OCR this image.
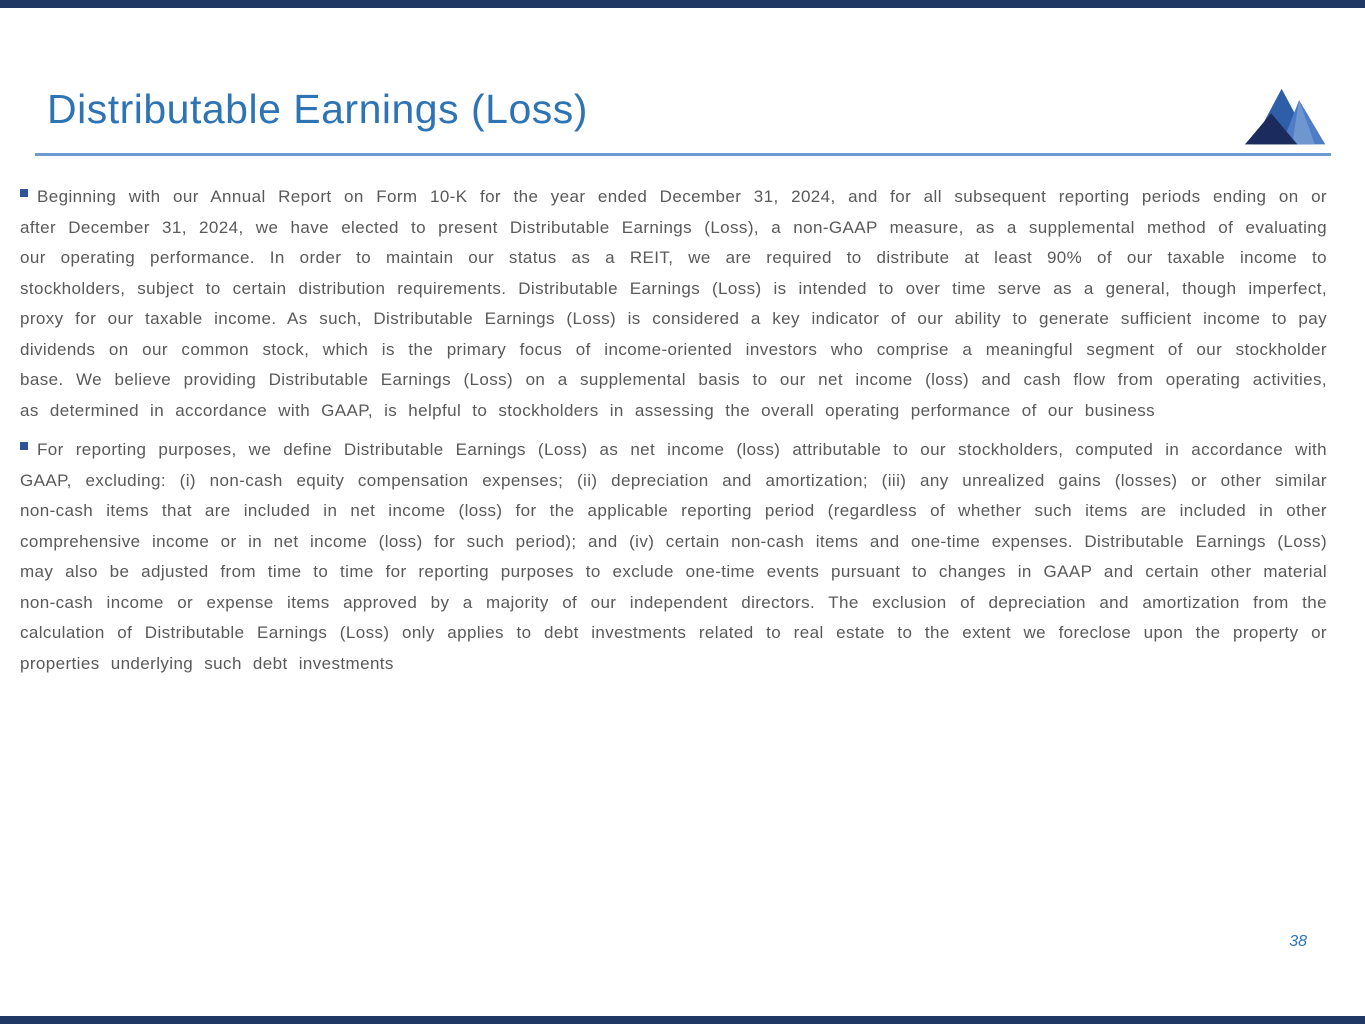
Distributable Earnings (Loss)

Beginning with our Annual Report on Form 10-K for the year ended December 31, 2024, and for all subsequent reporting periods ending on or after December 31, 2024, we have elected to present Distributable Earnings (Loss), a non-GAAP measure, as a supplemental method of evaluating our operating performance. In order to maintain our status as a REIT, we are required to distribute at least 90% of our taxable income to stockholders, subject to certain distribution requirements. Distributable Earnings (Loss) is intended to over time serve as a general, though imperfect, proxy for our taxable income. As such, Distributable Earnings (Loss) is considered a key indicator of our ability to generate sufficient income to pay dividends on our common stock, which is the primary focus of income-oriented investors who comprise a meaningful segment of our stockholder base. We believe providing Distributable Earnings (Loss) on a supplemental basis to our net income (loss) and cash flow from operating activities, as determined in accordance with GAAP, is helpful to stockholders in assessing the overall operating performance of our business

For reporting purposes, we define Distributable Earnings (Loss) as net income (loss) attributable to our stockholders, computed in accordance with GAAP, excluding: (i) non-cash equity compensation expenses; (ii) depreciation and amortization; (iii) any unrealized gains (losses) or other similar non-cash items that are included in net income (loss) for the applicable reporting period (regardless of whether such items are included in other comprehensive income or in net income (loss) for such period); and (iv) certain non-cash items and one-time expenses. Distributable Earnings (Loss) may also be adjusted from time to time for reporting purposes to exclude one-time events pursuant to changes in GAAP and certain other material non-cash income or expense items approved by a majority of our independent directors. The exclusion of depreciation and amortization from the calculation of Distributable Earnings (Loss) only applies to debt investments related to real estate to the extent we foreclose upon the property or properties underlying such debt investments

38
